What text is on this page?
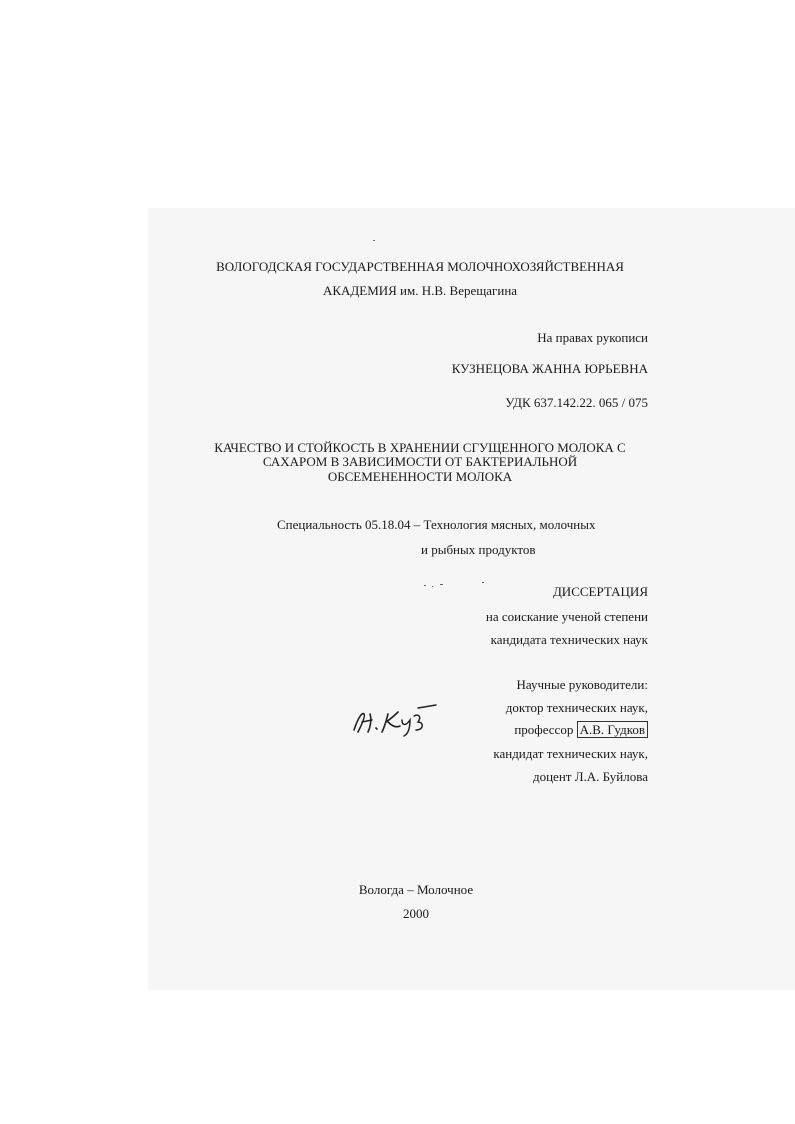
ВОЛОГОДСКАЯ ГОСУДАРСТВЕННАЯ МОЛОЧНОХОЗЯЙСТВЕННАЯ
АКАДЕМИЯ им. Н.В. Верещагина
На правах рукописи
КУЗНЕЦОВА ЖАННА ЮРЬЕВНА
УДК 637.142.22. 065 / 075
КАЧЕСТВО И СТОЙКОСТЬ В ХРАНЕНИИ СГУЩЕННОГО МОЛОКА С
САХАРОМ В ЗАВИСИМОСТИ ОТ БАКТЕРИАЛЬНОЙ
ОБСЕМЕНЕННОСТИ МОЛОКА
Специальность 05.18.04 – Технология мясных, молочных
и рыбных продуктов
ДИССЕРТАЦИЯ
на соискание ученой степени
кандидата технических наук
Научные руководители:
доктор технических наук,
профессор А.В. Гудков
кандидат технических наук,
доцент Л.А. Буйлова
Вологда – Молочное
2000
